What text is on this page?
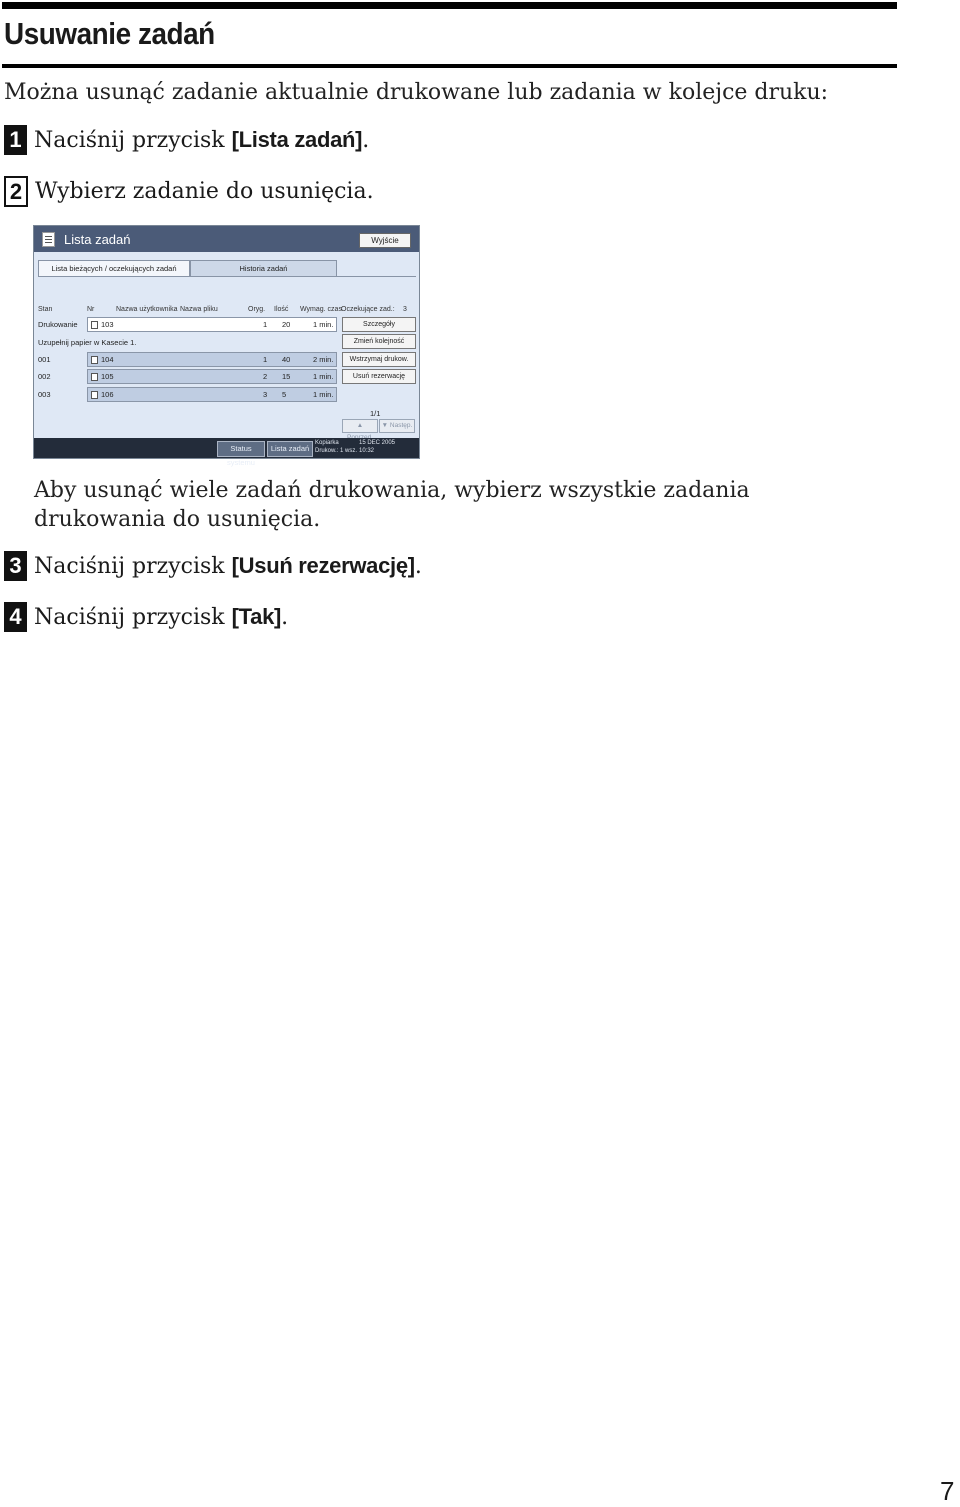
Usuwanie zadań
Można usunąć zadanie aktualnie drukowane lub zadania w kolejce druku:
1 Naciśnij przycisk
[Lista zadań] .
2 Wybierz zadanie do usunięcia.
Lista zadań	Wyjście
Lista bieżących / oczekujących zadań	Historia zadań
Stan	Nr	Nazwa użytkownika Nazwa pliku	Oryg. Ilość Wymag. czas Oczekujące zad.: 3
Drukowanie	103	1 20	1 min.
Uzupełnij papier w Kasecie 1.
001	104	1 40	2 min.
002	105	2 15	1 min.
003	106	3 5	1 min.
Szczegóły
Zmień kolejność
Wstrzymaj drukow.
Usuń rezerwację
1/1
▲	▼ Następ.
Status systemu
Lista zadań
Kopiarka
Drukow.: 1 wsz.
15 DEC 2005
10:32
Aby usunąć wiele zadań drukowania, wybierz wszystkie zadania drukowania do usunięcia.
3 Naciśnij przycisk
[Usuń rezerwację] .
4 Naciśnij przycisk
[Tak] .
7
